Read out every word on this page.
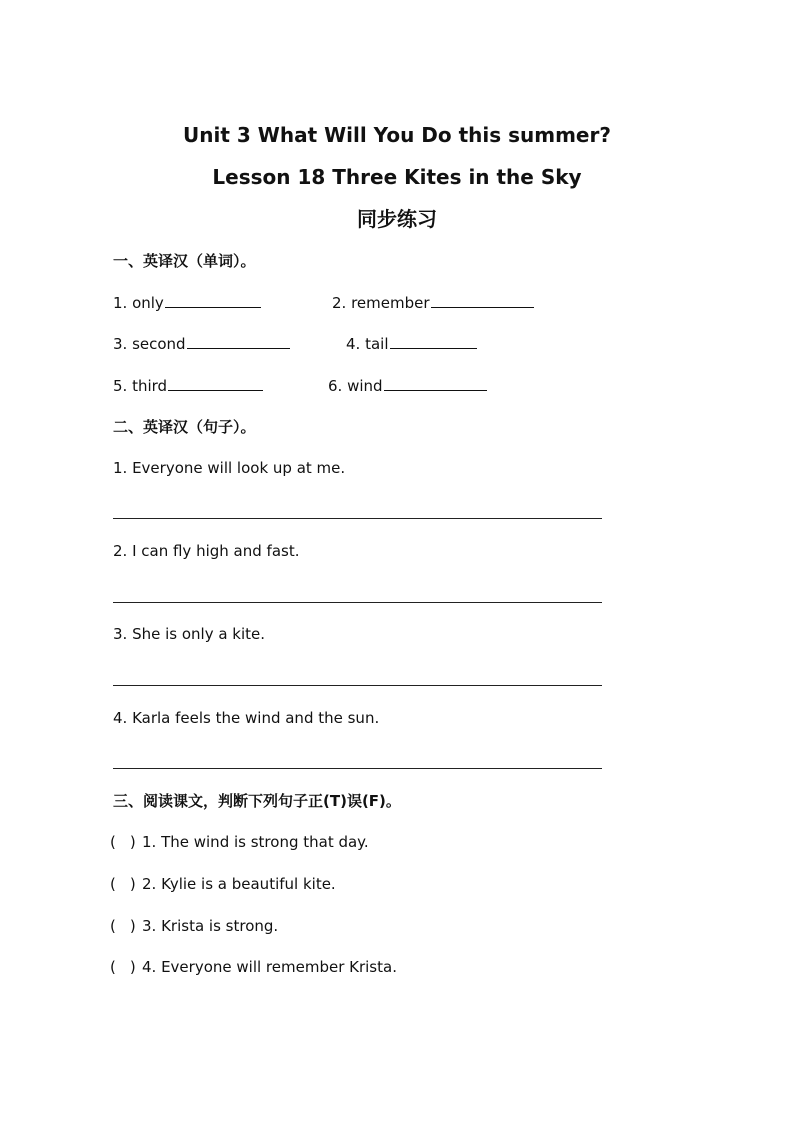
Unit 3 What Will You Do this summer?
Lesson 18 Three Kites in the Sky
同步练习
一、英译汉（单词）。
1. only	2. remember
3. second	4. tail
5. third	6. wind
二、英译汉（句子）。
1. Everyone will look up at me.
2. I can fly high and fast.
3. She is only a kite.
4. Karla feels the wind and the sun.
三、阅读课文，判断下列句子正(T)误(F)。
( ) 1. The wind is strong that day.
( ) 2. Kylie is a beautiful kite.
( ) 3. Krista is strong.
( ) 4. Everyone will remember Krista.
